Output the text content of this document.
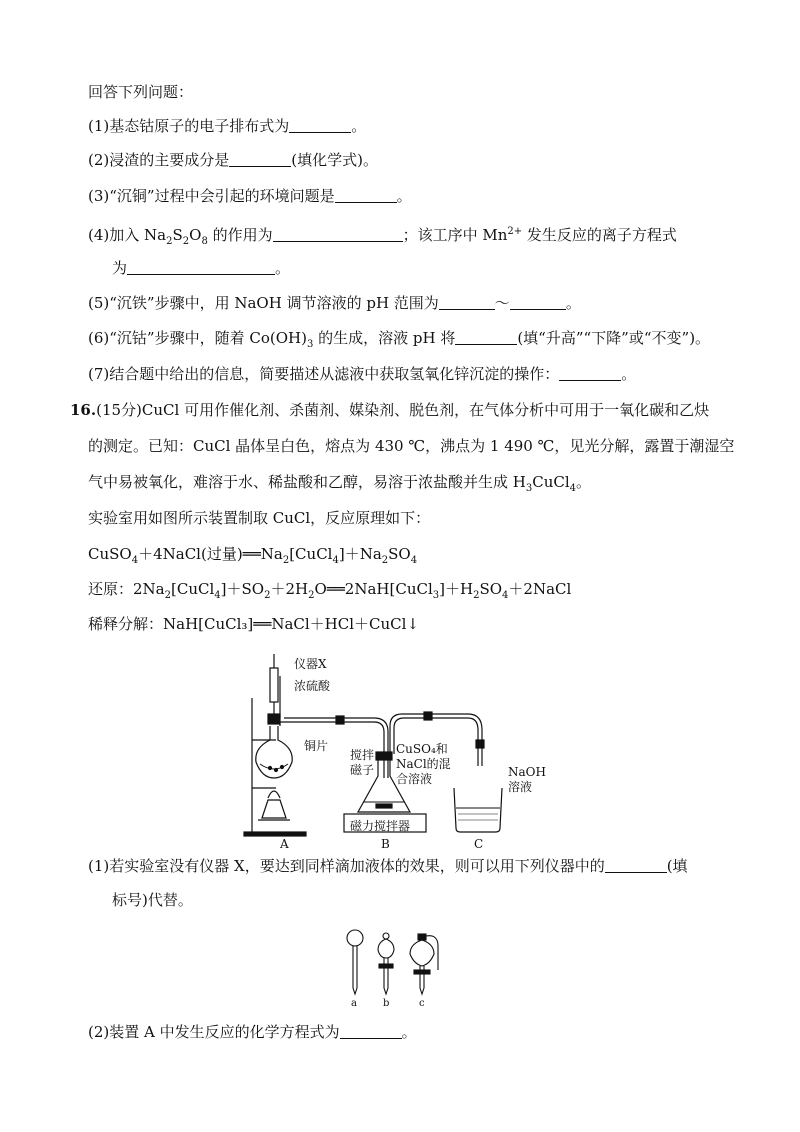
回答下列问题：
(1)基态钴原子的电子排布式为	。
(2)浸渣的主要成分是	(填化学式)。
(3)“沉铜”过程中会引起的环境问题是	。
(4)加入 $Na_2S_2O_8$ 的作用为	；该工序中 $Mn^{2+}$ 发生反应的离子方程式
为	。
(5)“沉铁”步骤中，用 NaOH 调节溶液的 pH 范围为	～	。
(6)“沉钴”步骤中，随着 $Co(OH)_3$ 的生成，溶液 pH 将	(填“升高”“下降”或“不变”)。
(7)结合题中给出的信息，简要描述从滤液中获取氢氧化锌沉淀的操作：	。
16.(15分)CuCl 可用作催化剂、杀菌剂、媒染剂、脱色剂，在气体分析中可用于一氧化碳和乙炔
的测定。已知：CuCl 晶体呈白色，熔点为 430 ℃，沸点为 1 490 ℃，见光分解，露置于潮湿空
气中易被氧化，难溶于水、稀盐酸和乙醇，易溶于浓盐酸并生成 $H_3CuCl_4$。
实验室用如图所示装置制取 CuCl，反应原理如下：
CuSO$_4$＋4NaCl(过量)$══Na_2[CuCl_4]+Na_2SO_4$
还原：$2Na_2[CuCl_4]+SO_2+2H_2O══2NaH[CuCl_3]+H_2SO_4+2NaCl$
稀释分解：NaH[CuCl₃]══NaCl＋HCl＋CuCl↓
仪器X
浓硫酸
铜片
搅拌
磁子
CuSO₄和
NaCl的混
合溶液
磁力搅拌器
NaOH
溶液
A	B	C
(1)若实验室没有仪器 X，要达到同样滴加液体的效果，则可以用下列仪器中的	(填
标号)代替。
a	b	c
(2)装置 A 中发生反应的化学方程式为	。
